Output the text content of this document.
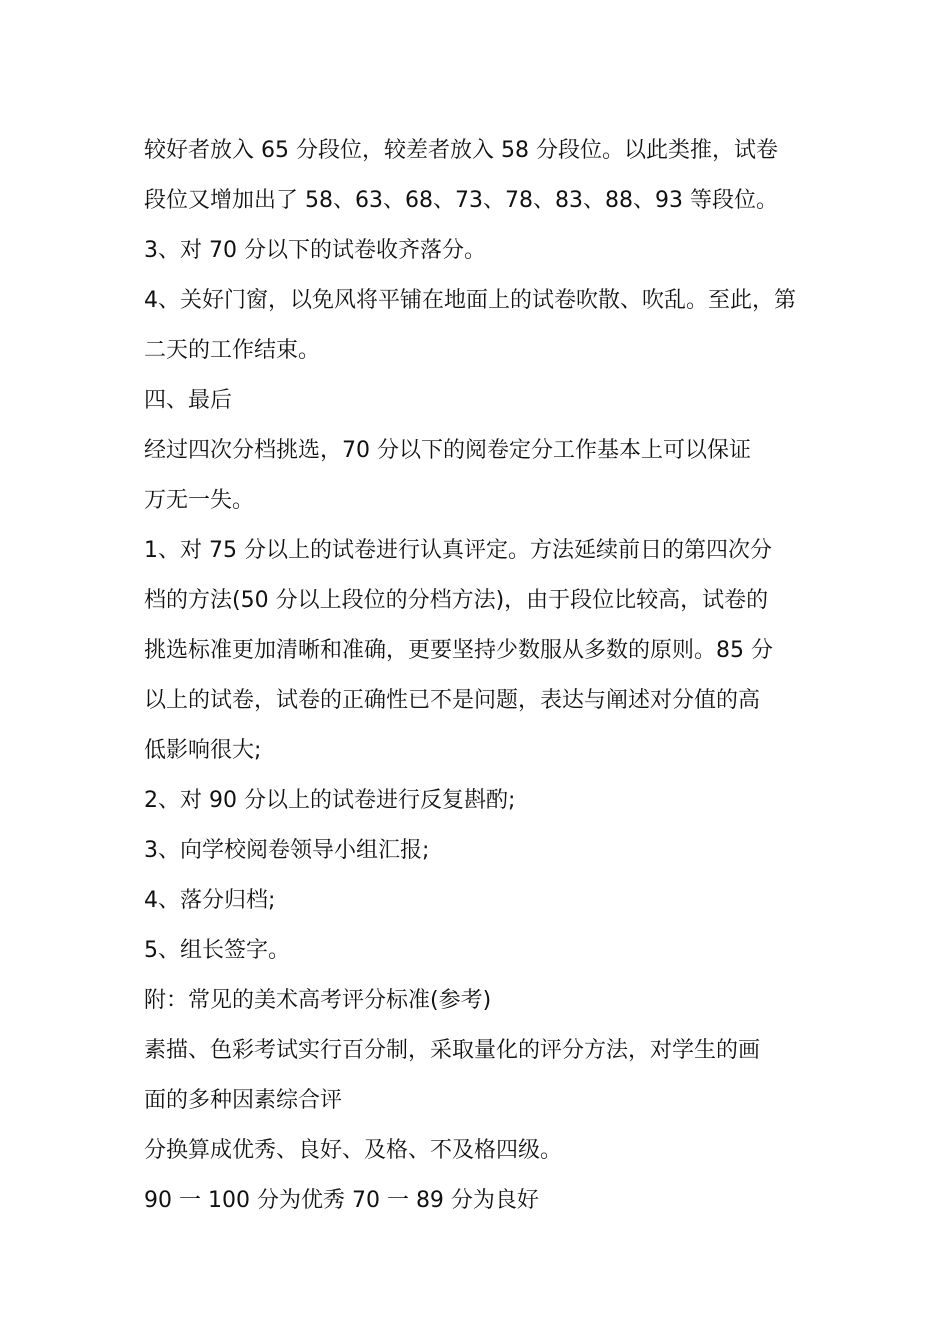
较好者放入 65 分段位，较差者放入 58 分段位。以此类推，试卷
段位又增加出了 58、63、68、73、78、83、88、93 等段位。
3、对 70 分以下的试卷收齐落分。
4、关好门窗，以免风将平铺在地面上的试卷吹散、吹乱。至此，第
二天的工作结束。
四、最后
经过四次分档挑选，70 分以下的阅卷定分工作基本上可以保证
万无一失。
1、对 75 分以上的试卷进行认真评定。方法延续前日的第四次分
档的方法(50 分以上段位的分档方法)，由于段位比较高，试卷的
挑选标准更加清晰和准确，更要坚持少数服从多数的原则。85 分
以上的试卷，试卷的正确性已不是问题，表达与阐述对分值的高
低影响很大;
2、对 90 分以上的试卷进行反复斟酌;
3、向学校阅卷领导小组汇报;
4、落分归档;
5、组长签字。
附：常见的美术高考评分标准(参考)
素描、色彩考试实行百分制，采取量化的评分方法，对学生的画
面的多种因素综合评
分换算成优秀、良好、及格、不及格四级。
90 一 100 分为优秀 70 一 89 分为良好
